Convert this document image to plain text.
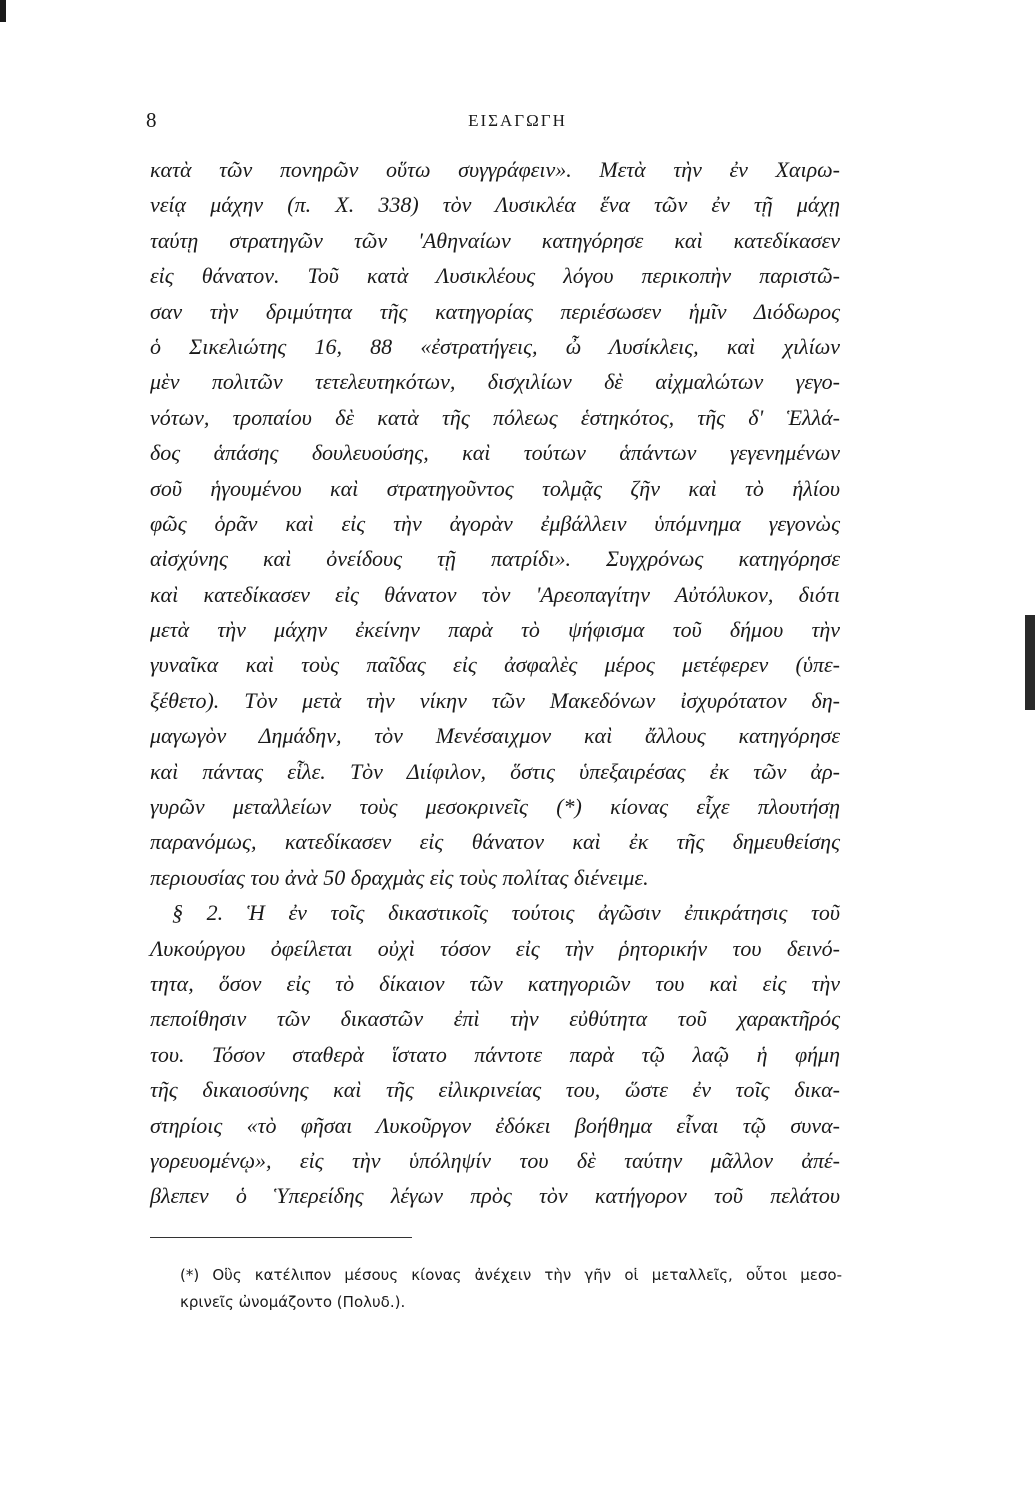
8	ΕΙΣΑΓΩΓΗ
κατὰ τῶν πονηρῶν οὕτω συγγράφειν». Μετὰ τὴν ἐν Χαιρω-
νείᾳ μάχην (π. Χ. 338) τὸν Λυσικλέα ἕνα τῶν ἐν τῇ μάχῃ
ταύτῃ στρατηγῶν τῶν 'Αθηναίων κατηγόρησε καὶ κατεδίκασεν
εἰς θάνατον. Τοῦ κατὰ Λυσικλέους λόγου περικοπὴν παριστῶ-
σαν τὴν δριμύτητα τῆς κατηγορίας περιέσωσεν ἡμῖν Διόδωρος
ὁ Σικελιώτης 16, 88 «ἐστρατήγεις, ὦ Λυσίκλεις, καὶ χιλίων
μὲν πολιτῶν τετελευτηκότων, δισχιλίων δὲ αἰχμαλώτων γεγο-
νότων, τροπαίου δὲ κατὰ τῆς πόλεως ἑστηκότος, τῆς δ' Ἑλλά-
δος ἁπάσης δουλευούσης, καὶ τούτων ἁπάντων γεγενημένων
σοῦ ἡγουμένου καὶ στρατηγοῦντος τολμᾷς ζῆν καὶ τὸ ἡλίου
φῶς ὁρᾶν καὶ εἰς τὴν ἀγορὰν ἐμβάλλειν ὑπόμνημα γεγονὼς
αἰσχύνης καὶ ὀνείδους τῇ πατρίδι». Συγχρόνως κατηγόρησε
καὶ κατεδίκασεν εἰς θάνατον τὸν 'Αρεοπαγίτην Αὐτόλυκον, διότι
μετὰ τὴν μάχην ἐκείνην παρὰ τὸ ψήφισμα τοῦ δήμου τὴν
γυναῖκα καὶ τοὺς παῖδας εἰς ἀσφαλὲς μέρος μετέφερεν (ὑπε-
ξέθετο). Τὸν μετὰ τὴν νίκην τῶν Μακεδόνων ἰσχυρότατον δη-
μαγωγὸν Δημάδην, τὸν Μενέσαιχμον καὶ ἄλλους κατηγόρησε
καὶ πάντας εἷλε. Τὸν Διίφιλον, ὅστις ὑπεξαιρέσας ἐκ τῶν ἀρ-
γυρῶν μεταλλείων τοὺς μεσοκρινεῖς (*) κίονας εἶχε πλουτήσῃ
παρανόμως, κατεδίκασεν εἰς θάνατον καὶ ἐκ τῆς δημευθείσης
περιουσίας του ἀνὰ 50 δραχμὰς εἰς τοὺς πολίτας διένειμε.
§ 2. Ἡ ἐν τοῖς δικαστικοῖς τούτοις ἀγῶσιν ἐπικράτησις τοῦ
Λυκούργου ὀφείλεται οὐχὶ τόσον εἰς τὴν ῥητορικήν του δεινό-
τητα, ὅσον εἰς τὸ δίκαιον τῶν κατηγοριῶν του καὶ εἰς τὴν
πεποίθησιν τῶν δικαστῶν ἐπὶ τὴν εὐθύτητα τοῦ χαρακτῆρός
του. Τόσον σταθερὰ ἵστατο πάντοτε παρὰ τῷ λαῷ ἡ φήμη
τῆς δικαιοσύνης καὶ τῆς εἰλικρινείας του, ὥστε ἐν τοῖς δικα-
στηρίοις «τὸ φῆσαι Λυκοῦργον ἐδόκει βοήθημα εἶναι τῷ συνα-
γορευομένῳ», εἰς τὴν ὑπόληψίν του δὲ ταύτην μᾶλλον ἀπέ-
βλεπεν ὁ Ὑπερείδης λέγων πρὸς τὸν κατήγορον τοῦ πελάτου
(*) Οὓς κατέλιπον μέσους κίονας ἀνέχειν τὴν γῆν οἱ μεταλλεῖς, οὗτοι μεσο-
κρινεῖς ὠνομάζοντο (Πολυδ.).
